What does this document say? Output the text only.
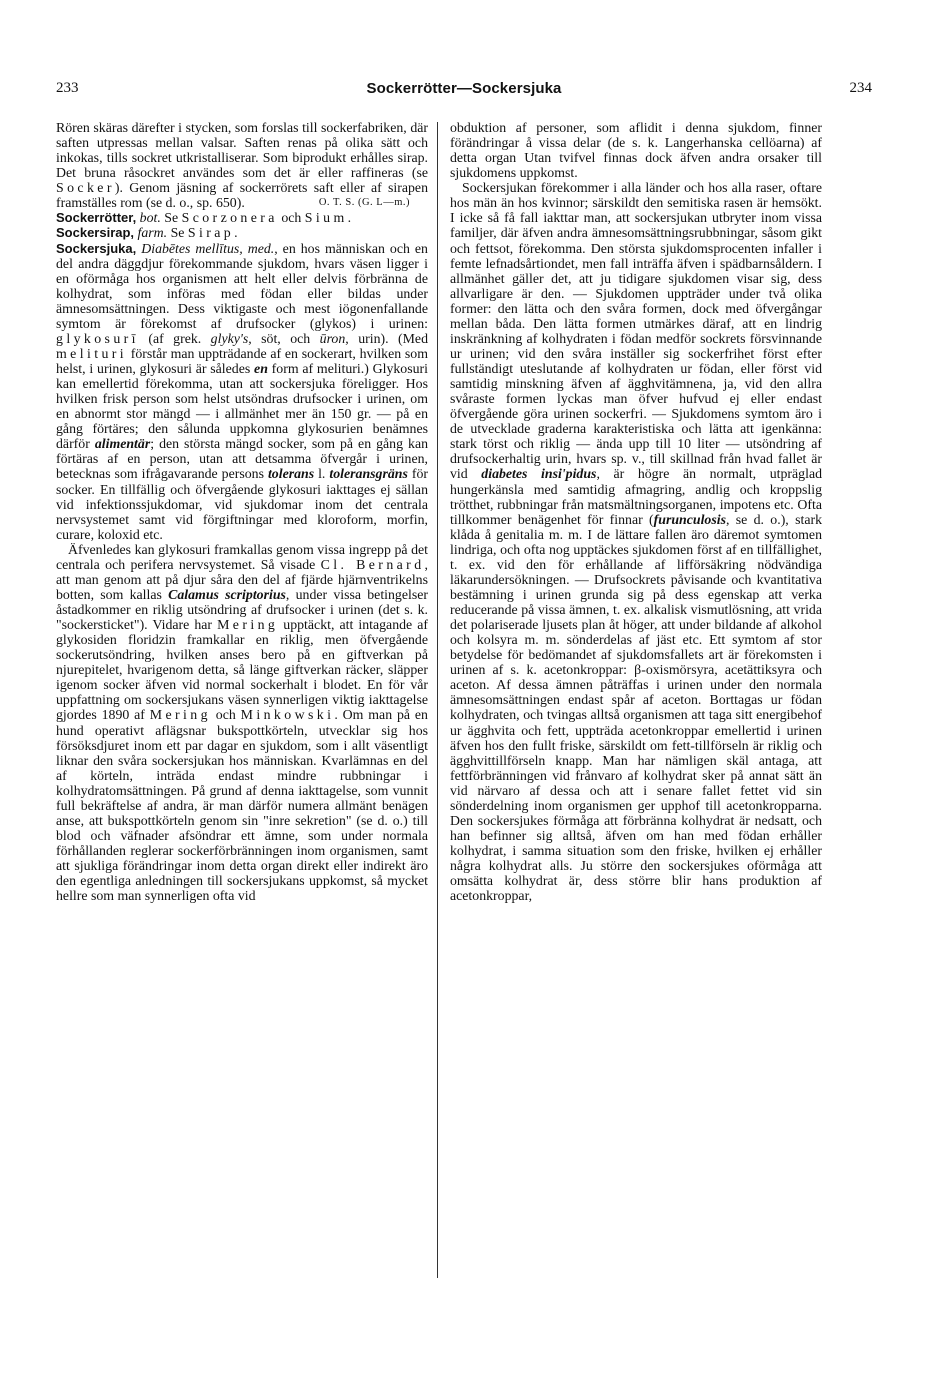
233	Sockerrötter—Sockersjuka	234

Rören skäras därefter i stycken, som forslas till sockerfabriken, där saften utpressas mellan valsar. Saften renas på olika sätt och inkokas, tills sockret utkristalliserar. Som biprodukt erhålles sirap. Det bruna råsockret användes som det är eller raffineras (se Socker). Genom jäsning af sockerrörets saft eller af sirapen framställes rom (se d. o., sp. 650).	O. T. S. (G. L—m.)

Sockerrötter, bot. Se Scorzonera och Sium.

Sockersirap, farm. Se Sirap.

Sockersjuka, Diabētes mellītus, med., en hos människan och en del andra däggdjur förekommande sjukdom, hvars väsen ligger i en oförmåga hos organismen att helt eller delvis förbränna de kolhydrat, som införas med födan eller bildas under ämnesomsättningen. Dess viktigaste och mest iögonenfallande symtom är förekomst af drufsocker (glykos) i urinen: glykosurī (af grek. glyky's, söt, och ūron, urin). (Med melituri förstår man uppträdande af en sockerart, hvilken som helst, i urinen, glykosuri är således en form af melituri.) Glykosuri kan emellertid förekomma, utan att sockersjuka föreligger. Hos hvilken frisk person som helst utsöndras drufsocker i urinen, om en abnormt stor mängd — i allmänhet mer än 150 gr. — på en gång förtäres; den sålunda uppkomna glykosurien benämnes därför alimentär; den största mängd socker, som på en gång kan förtäras af en person, utan att detsamma öfvergår i urinen, betecknas som ifrågavarande persons tolerans l. toleransgräns för socker. En tillfällig och öfvergående glykosuri iakttages ej sällan vid infektionssjukdomar, vid sjukdomar inom det centrala nervsystemet samt vid förgiftningar med kloroform, morfin, curare, koloxid etc.

Äfvenledes kan glykosuri framkallas genom vissa ingrepp på det centrala och perifera nervsystemet. Så visade Cl. Bernard, att man genom att på djur såra den del af fjärde hjärnventrikelns botten, som kallas Calamus scriptorius, under vissa betingelser åstadkommer en riklig utsöndring af drufsocker i urinen (det s. k. "sockersticket"). Vidare har Mering upptäckt, att intagande af glykosiden floridzin framkallar en riklig, men öfvergående sockerutsöndring, hvilken anses bero på en giftverkan på njurepitelet, hvarigenom detta, så länge giftverkan räcker, släpper igenom socker äfven vid normal sockerhalt i blodet. En för vår uppfattning om sockersjukans väsen synnerligen viktig iakttagelse gjordes 1890 af Mering och Minkowski. Om man på en hund operativt aflägsnar bukspottkörteln, utvecklar sig hos försöksdjuret inom ett par dagar en sjukdom, som i allt väsentligt liknar den svåra sockersjukan hos människan. Kvarlämnas en del af körteln, inträda endast mindre rubbningar i kolhydratomsättningen. På grund af denna iakttagelse, som vunnit full bekräftelse af andra, är man därför numera allmänt benägen anse, att bukspottkörteln genom sin "inre sekretion" (se d. o.) till blod och väfnader afsöndrar ett ämne, som under normala förhållanden reglerar sockerförbränningen inom organismen, samt att sjukliga förändringar inom detta organ direkt eller indirekt äro den egentliga anledningen till sockersjukans uppkomst, så mycket hellre som man synnerligen ofta vid

obduktion af personer, som aflidit i denna sjukdom, finner förändringar å vissa delar (de s. k. Langerhanska cellöarna) af detta organ Utan tvifvel finnas dock äfven andra orsaker till sjukdomens uppkomst.

Sockersjukan förekommer i alla länder och hos alla raser, oftare hos män än hos kvinnor; särskildt den semitiska rasen är hemsökt. I icke så få fall iakttar man, att sockersjukan utbryter inom vissa familjer, där äfven andra ämnesomsättningsrubbningar, såsom gikt och fettsot, förekomma. Den största sjukdomsprocenten infaller i femte lefnadsårtiondet, men fall inträffa äfven i spädbarnsåldern. I allmänhet gäller det, att ju tidigare sjukdomen visar sig, dess allvarligare är den. — Sjukdomen uppträder under två olika former: den lätta och den svåra formen, dock med öfvergångar mellan båda. Den lätta formen utmärkes däraf, att en lindrig inskränkning af kolhydraten i födan medför sockrets försvinnande ur urinen; vid den svåra inställer sig sockerfrihet först efter fullständigt uteslutande af kolhydraten ur födan, eller först vid samtidig minskning äfven af ägghvitämnena, ja, vid den allra svåraste formen lyckas man öfver hufvud ej eller endast öfvergående göra urinen sockerfri. — Sjukdomens symtom äro i de utvecklade graderna karakteristiska och lätta att igenkänna: stark törst och riklig — ända upp till 10 liter — utsöndring af drufsockerhaltig urin, hvars sp. v., till skillnad från hvad fallet är vid diabetes insi'pidus, är högre än normalt, utpräglad hungerkänsla med samtidig afmagring, andlig och kroppslig trötthet, rubbningar från matsmältningsorganen, impotens etc. Ofta tillkommer benägenhet för finnar (furunculosis, se d. o.), stark klåda å genitalia m. m. I de lättare fallen äro däremot symtomen lindriga, och ofta nog upptäckes sjukdomen först af en tillfällighet, t. ex. vid den för erhållande af lifförsäkring nödvändiga läkarundersökningen. — Drufsockrets påvisande och kvantitativa bestämning i urinen grunda sig på dess egenskap att verka reducerande på vissa ämnen, t. ex. alkalisk vismutlösning, att vrida det polariserade ljusets plan åt höger, att under bildande af alkohol och kolsyra m. m. sönderdelas af jäst etc. Ett symtom af stor betydelse för bedömandet af sjukdomsfallets art är förekomsten i urinen af s. k. acetonkroppar: β-oxismörsyra, acetättiksyra och aceton. Af dessa ämnen påträffas i urinen under den normala ämnesomsättningen endast spår af aceton. Borttagas ur födan kolhydraten, och tvingas alltså organismen att taga sitt energibehof ur ägghvita och fett, uppträda acetonkroppar emellertid i urinen äfven hos den fullt friske, särskildt om fett-tillförseln är riklig och ägghvittillförseln knapp. Man har nämligen skäl antaga, att fettförbränningen vid frånvaro af kolhydrat sker på annat sätt än vid närvaro af dessa och att i senare fallet fettet vid sin sönderdelning inom organismen ger upphof till acetonkropparna. Den sockersjukes förmåga att förbränna kolhydrat är nedsatt, och han befinner sig alltså, äfven om han med födan erhåller kolhydrat, i samma situation som den friske, hvilken ej erhåller några kolhydrat alls. Ju större den sockersjukes oförmåga att omsätta kolhydrat är, dess större blir hans produktion af acetonkroppar,
